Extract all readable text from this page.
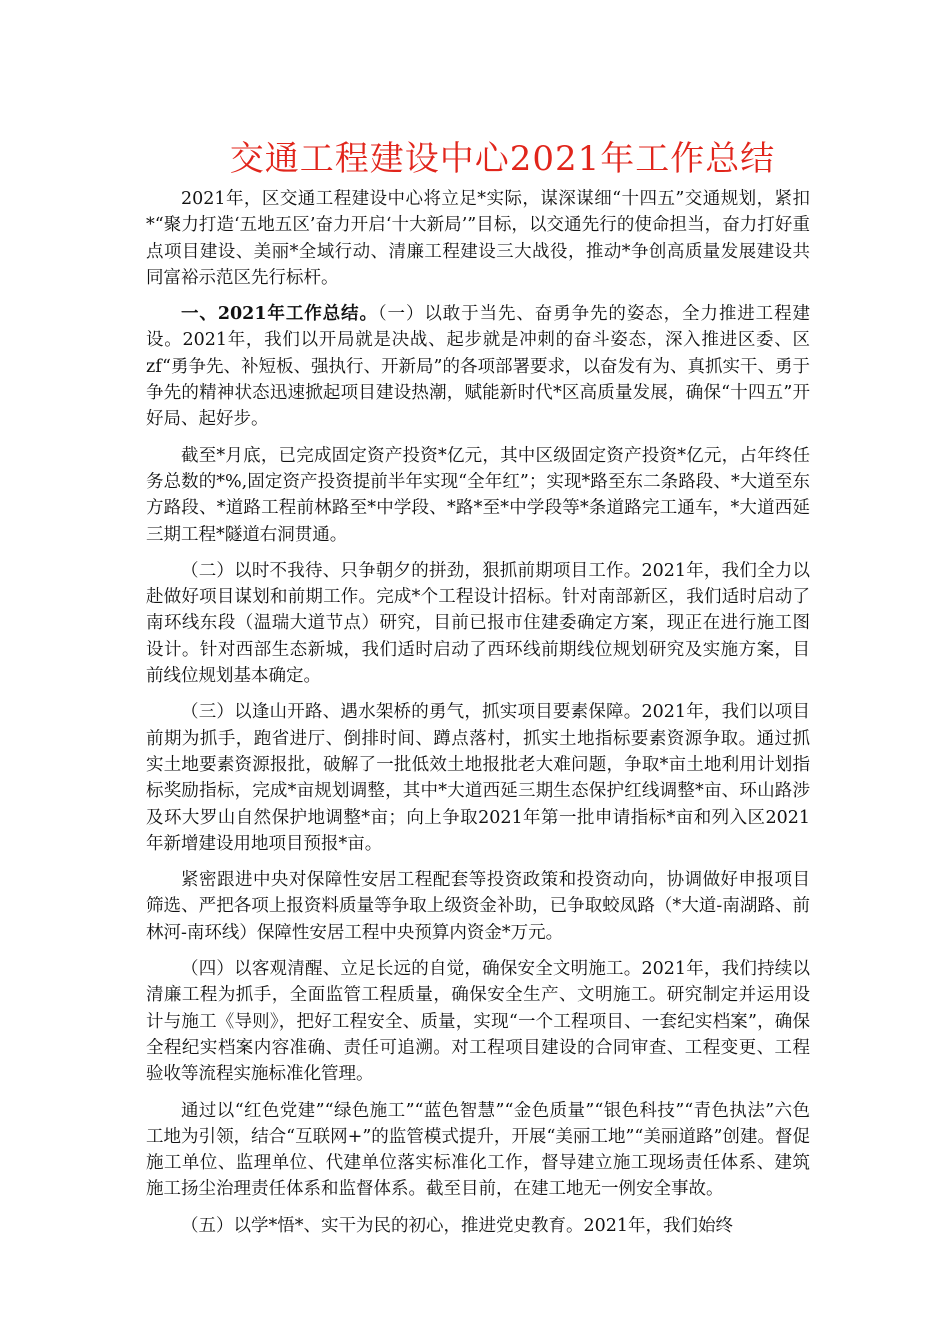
交通工程建设中心2021年工作总结

2021年，区交通工程建设中心将立足*实际，谋深谋细“十四五”交通规划，紧扣*“聚力打造‘五地五区’奋力开启‘十大新局’”目标，以交通先行的使命担当，奋力打好重点项目建设、美丽*全域行动、清廉工程建设三大战役，推动*争创高质量发展建设共同富裕示范区先行标杆。

一、2021年工作总结。（一）以敢于当先、奋勇争先的姿态，全力推进工程建设。2021年，我们以开局就是决战、起步就是冲刺的奋斗姿态，深入推进区委、区zf“勇争先、补短板、强执行、开新局”的各项部署要求，以奋发有为、真抓实干、勇于争先的精神状态迅速掀起项目建设热潮，赋能新时代*区高质量发展，确保“十四五”开好局、起好步。

截至*月底，已完成固定资产投资*亿元，其中区级固定资产投资*亿元，占年终任务总数的*%,固定资产投资提前半年实现“全年红”；实现*路至东二条路段、*大道至东方路段、*道路工程前林路至*中学段、*路*至*中学段等*条道路完工通车，*大道西延三期工程*隧道右洞贯通。

（二）以时不我待、只争朝夕的拼劲，狠抓前期项目工作。2021年，我们全力以赴做好项目谋划和前期工作。完成*个工程设计招标。针对南部新区，我们适时启动了南环线东段（温瑞大道节点）研究，目前已报市住建委确定方案，现正在进行施工图设计。针对西部生态新城，我们适时启动了西环线前期线位规划研究及实施方案，目前线位规划基本确定。

（三）以逢山开路、遇水架桥的勇气，抓实项目要素保障。2021年，我们以项目前期为抓手，跑省进厅、倒排时间、蹲点落村，抓实土地指标要素资源争取。通过抓实土地要素资源报批，破解了一批低效土地报批老大难问题，争取*亩土地利用计划指标奖励指标，完成*亩规划调整，其中*大道西延三期生态保护红线调整*亩、环山路涉及环大罗山自然保护地调整*亩；向上争取2021年第一批申请指标*亩和列入区2021年新增建设用地项目预报*亩。

紧密跟进中央对保障性安居工程配套等投资政策和投资动向，协调做好申报项目筛选、严把各项上报资料质量等争取上级资金补助，已争取蛟凤路（*大道-南湖路、前林河-南环线）保障性安居工程中央预算内资金*万元。

（四）以客观清醒、立足长远的自觉，确保安全文明施工。2021年，我们持续以清廉工程为抓手，全面监管工程质量，确保安全生产、文明施工。研究制定并运用设计与施工《导则》，把好工程安全、质量，实现“一个工程项目、一套纪实档案”，确保全程纪实档案内容准确、责任可追溯。对工程项目建设的合同审查、工程变更、工程验收等流程实施标准化管理。

通过以“红色党建”“绿色施工”“蓝色智慧”“金色质量”“银色科技”“青色执法”六色工地为引领，结合“互联网+”的监管模式提升，开展“美丽工地”“美丽道路”创建。督促施工单位、监理单位、代建单位落实标准化工作，督导建立施工现场责任体系、建筑施工扬尘治理责任体系和监督体系。截至目前，在建工地无一例安全事故。

（五）以学*悟*、实干为民的初心，推进党史教育。2021年，我们始终
